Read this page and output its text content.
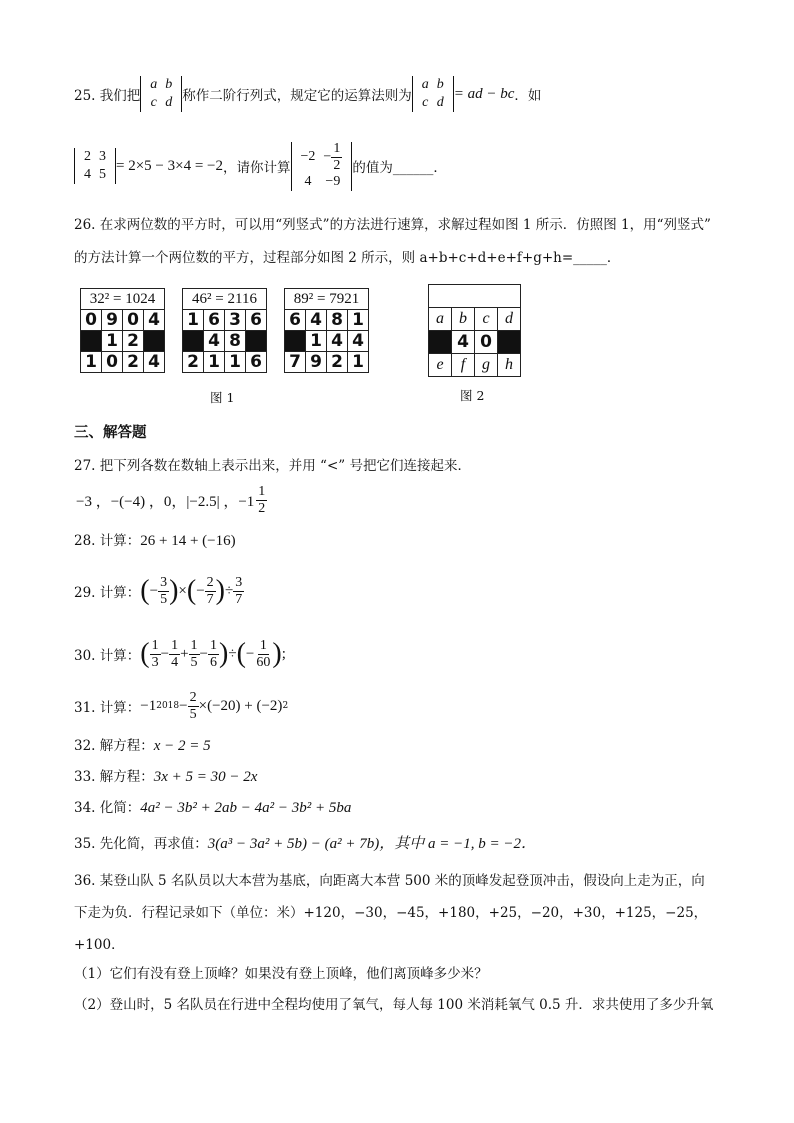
25. 我们把
a	b
c	d 称作二阶行列式，规定它的运算法则为
a	b
c	d
= ad − bc ．如
2	3
4	5
= 2×5 − 3×4 = −2 ，请你计算
−2	− $\frac{1}{2}$

4	−9
的值为______．
26. 在求两位数的平方时，可以用“列竖式”的方法进行速算，求解过程如图 1 所示．仿照图 1，用“列竖式”
的方法计算一个两位数的平方，过程部分如图 2 所示，则 a+b+c+d+e+f+g+h=_____．
32² = 1024			
0	9	0	4
	1	2	
1	0	2	4
46² = 2116			
1	6	3	6
	4	8	
2	1	1	6
89² = 7921			
6	4	8	1
	1	4	4
7	9	2	1
图 1

a	b	c	d
	4	0	
e	f	g	h
图 2
三、解答题
27. 把下列各数在数轴上表示出来，并用 “<” 号把它们连接起来．
−3 ，−(−4) ，0，|−2.5| ，$-1 \frac{1}{2}$
28. 计算：26 + 14 + (−16)
29. 计算： ( − $\frac{3}{5}$ ) × ( − $\frac{2}{7}$ ) ÷ $\frac{3}{7}$
30. 计算： ( $\frac{1}{3} - \frac{1}{4} + \frac{1}{5} - \frac{1}{6}$ ) ÷ ( − $\frac{1}{60}$ ) ;
31. 计算： −1 $2018 - \frac{2}{5} \times(-20) + (-2)$ 2
32. 解方程：x − 2 = 5
33. 解方程：3x + 5 = 30 − 2x
34. 化简：4a² − 3b² + 2ab − 4a² − 3b² + 5ba
35. 先化简，再求值：3(a³ − 3a² + 5b) − (a² + 7b)，其中 a = −1, b = −2．
36. 某登山队 5 名队员以大本营为基底，向距离大本营 500 米的顶峰发起登顶冲击，假设向上走为正，向
下走为负．行程记录如下（单位：米）+120，−30，−45，+180，+25，−20，+30，+125，−25，
+100．
（1）它们有没有登上顶峰？如果没有登上顶峰，他们离顶峰多少米？
（2）登山时，5 名队员在行进中全程均使用了氧气，每人每 100 米消耗氧气 0.5 升．求共使用了多少升氧
